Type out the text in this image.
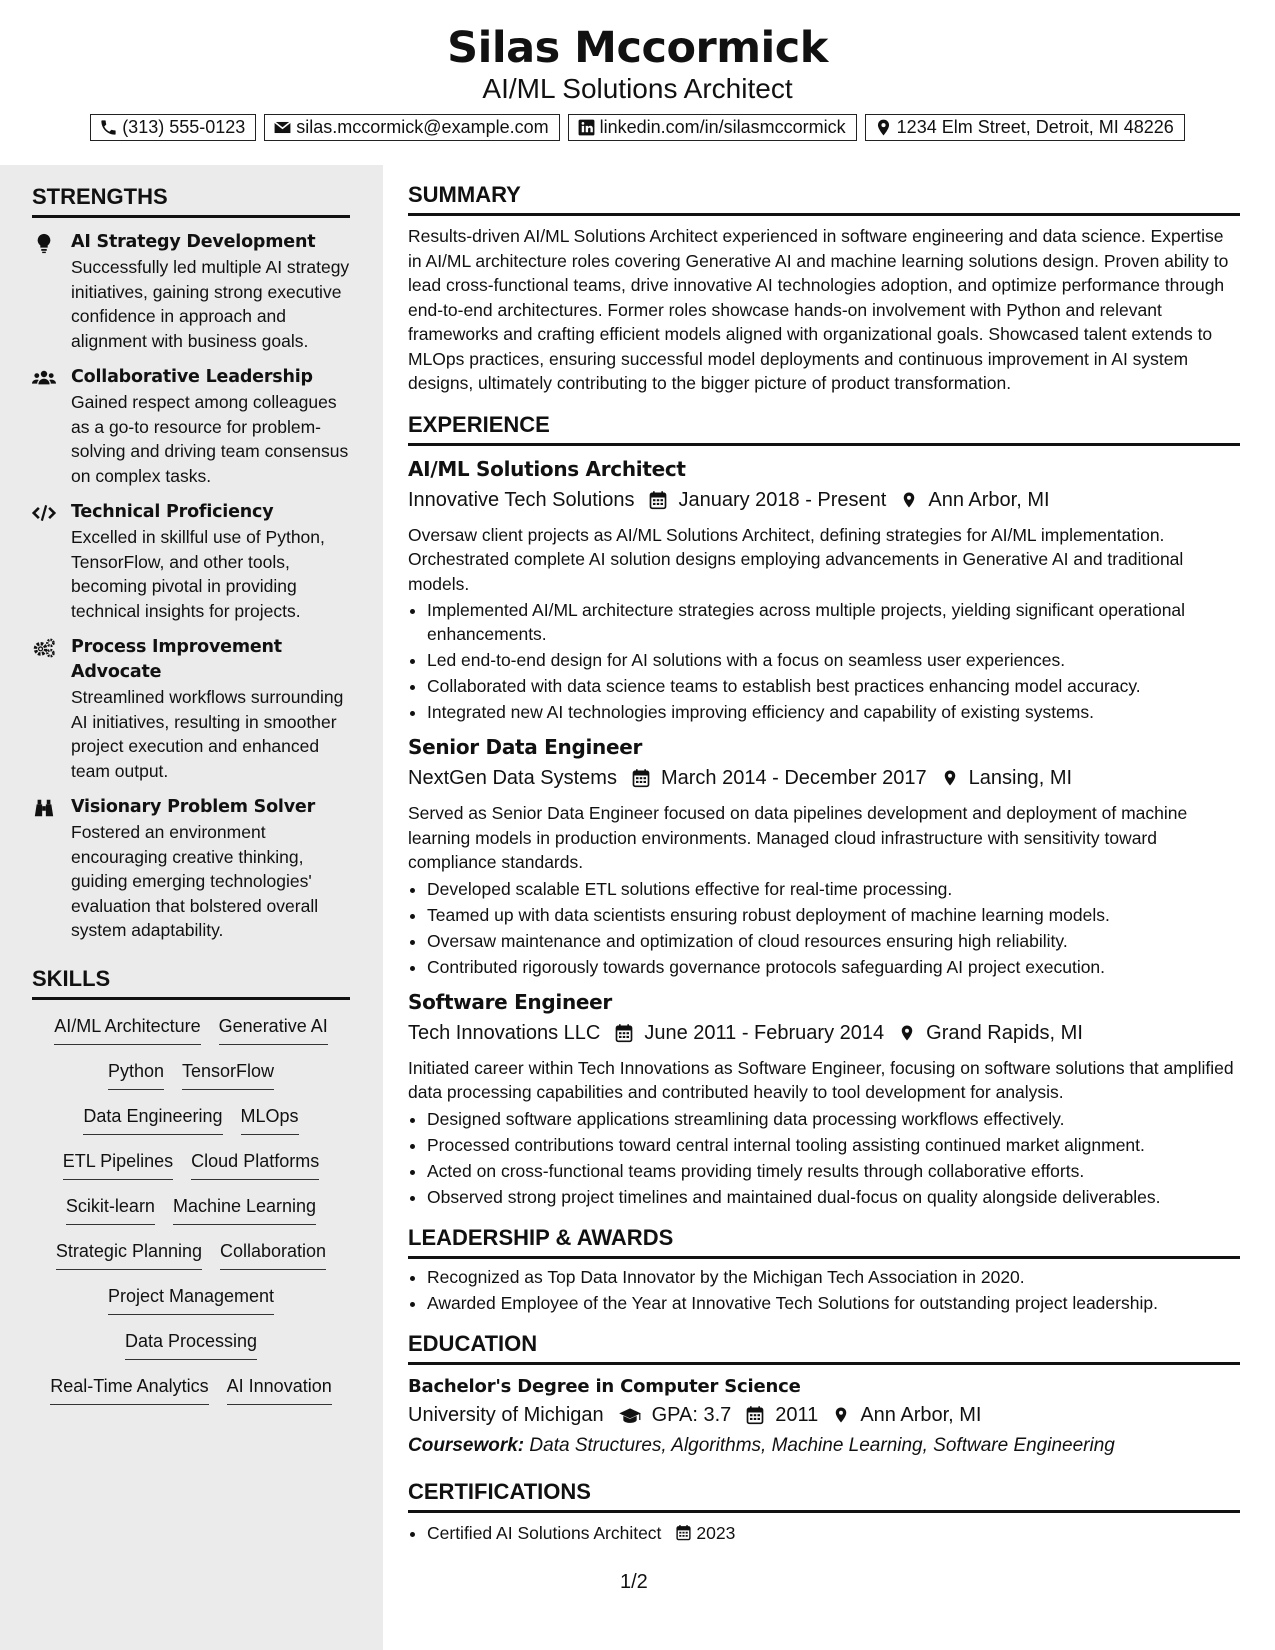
Silas Mccormick
AI/ML Solutions Architect
(313) 555-0123	silas.mccormick@example.com	linkedin.com/in/silasmccormick	1234 Elm Street, Detroit, MI 48226
STRENGTHS
AI Strategy Development
Successfully led multiple AI strategy initiatives, gaining strong executive confidence in approach and alignment with business goals.
Collaborative Leadership
Gained respect among colleagues as a go-to resource for problem-solving and driving team consensus on complex tasks.
Technical Proficiency
Excelled in skillful use of Python, TensorFlow, and other tools, becoming pivotal in providing technical insights for projects.
Process Improvement Advocate
Streamlined workflows surrounding AI initiatives, resulting in smoother project execution and enhanced team output.
Visionary Problem Solver
Fostered an environment encouraging creative thinking, guiding emerging technologies' evaluation that bolstered overall system adaptability.
SKILLS
AI/ML Architecture Generative AI
Python TensorFlow
Data Engineering MLOps
ETL Pipelines Cloud Platforms
Scikit-learn Machine Learning
Strategic Planning Collaboration
Project Management
Data Processing
Real-Time Analytics AI Innovation
SUMMARY
Results-driven AI/ML Solutions Architect experienced in software engineering and data science. Expertise in AI/ML architecture roles covering Generative AI and machine learning solutions design. Proven ability to lead cross-functional teams, drive innovative AI technologies adoption, and optimize performance through end-to-end architectures. Former roles showcase hands-on involvement with Python and relevant frameworks and crafting efficient models aligned with organizational goals. Showcased talent extends to MLOps practices, ensuring successful model deployments and continuous improvement in AI system designs, ultimately contributing to the bigger picture of product transformation.
EXPERIENCE
AI/ML Solutions Architect
Innovative Tech Solutions January 2018 - Present Ann Arbor, MI
Oversaw client projects as AI/ML Solutions Architect, defining strategies for AI/ML implementation. Orchestrated complete AI solution designs employing advancements in Generative AI and traditional models.
• Implemented AI/ML architecture strategies across multiple projects, yielding significant operational enhancements.
• Led end-to-end design for AI solutions with a focus on seamless user experiences.
• Collaborated with data science teams to establish best practices enhancing model accuracy.
• Integrated new AI technologies improving efficiency and capability of existing systems.
Senior Data Engineer
NextGen Data Systems March 2014 - December 2017 Lansing, MI
Served as Senior Data Engineer focused on data pipelines development and deployment of machine learning models in production environments. Managed cloud infrastructure with sensitivity toward compliance standards.
• Developed scalable ETL solutions effective for real-time processing.
• Teamed up with data scientists ensuring robust deployment of machine learning models.
• Oversaw maintenance and optimization of cloud resources ensuring high reliability.
• Contributed rigorously towards governance protocols safeguarding AI project execution.
Software Engineer
Tech Innovations LLC June 2011 - February 2014 Grand Rapids, MI
Initiated career within Tech Innovations as Software Engineer, focusing on software solutions that amplified data processing capabilities and contributed heavily to tool development for analysis.
• Designed software applications streamlining data processing workflows effectively.
• Processed contributions toward central internal tooling assisting continued market alignment.
• Acted on cross-functional teams providing timely results through collaborative efforts.
• Observed strong project timelines and maintained dual-focus on quality alongside deliverables.
LEADERSHIP & AWARDS
• Recognized as Top Data Innovator by the Michigan Tech Association in 2020.
• Awarded Employee of the Year at Innovative Tech Solutions for outstanding project leadership.
EDUCATION
Bachelor's Degree in Computer Science
University of Michigan GPA: 3.7 2011 Ann Arbor, MI
Coursework: Data Structures, Algorithms, Machine Learning, Software Engineering
CERTIFICATIONS
• Certified AI Solutions Architect 2023
1/2
